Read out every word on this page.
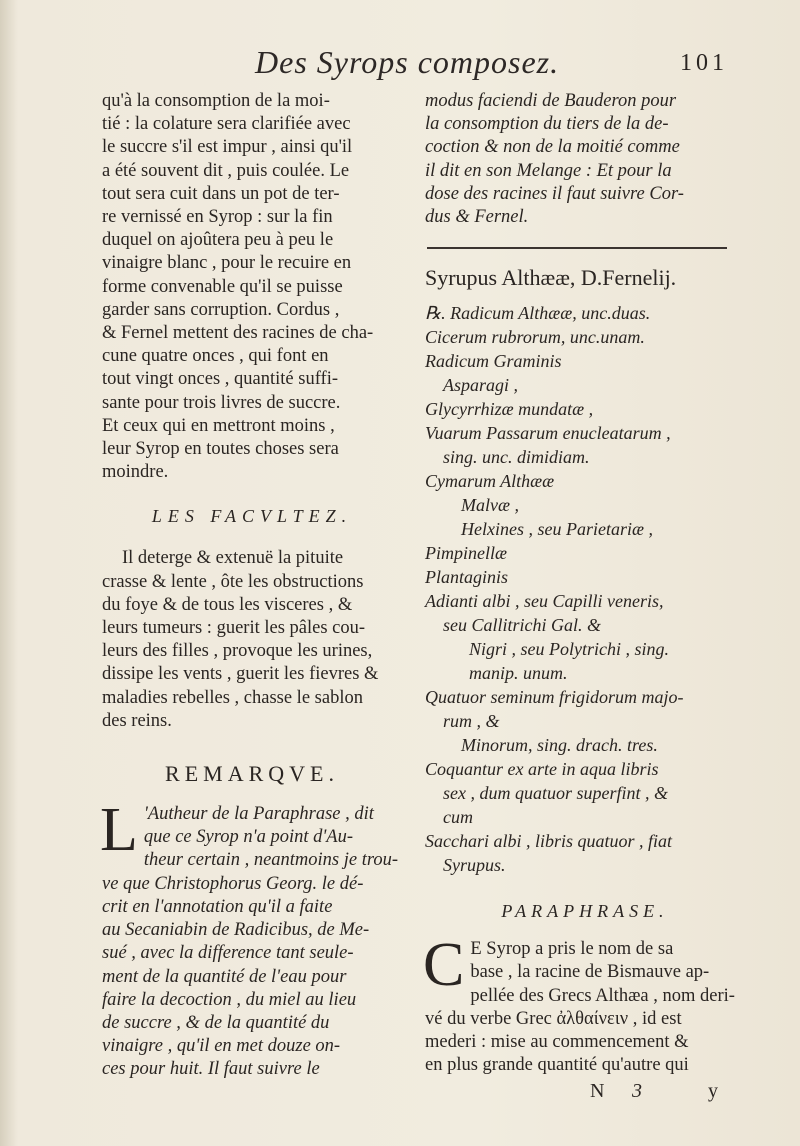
Des Syrops composez.	101

qu'à la consomption de la moi-
tié : la colature sera clarifiée avec
le succre s'il est impur , ainsi qu'il
a été souvent dit , puis coulée. Le
tout sera cuit dans un pot de ter-
re vernissé en Syrop : sur la fin
duquel on ajoûtera peu à peu le
vinaigre blanc , pour le recuire en
forme convenable qu'il se puisse
garder sans corruption. Cordus ,
& Fernel mettent des racines de cha-
cune quatre onces , qui font en
tout vingt onces , quantité suffi-
sante pour trois livres de succre.
Et ceux qui en mettront moins ,
leur Syrop en toutes choses sera
moindre.

LES FACVLTEZ.

Il deterge & extenuë la pituite
crasse & lente , ôte les obstructions
du foye & de tous les visceres , &
leurs tumeurs : guerit les pâles cou-
leurs des filles , provoque les urines,
dissipe les vents , guerit les fievres &
maladies rebelles , chasse le sablon
des reins.

REMARQVE.
L 'Autheur de la Paraphrase , dit
que ce Syrop n'a point d'Au-
theur certain , neantmoins je trou-
ve que Christophorus Georg. le dé-
crit en l'annotation qu'il a faite
au Secaniabin de Radicibus, de Me-
sué , avec la difference tant seule-
ment de la quantité de l'eau pour
faire la decoction , du miel au lieu
de succre , & de la quantité du
vinaigre , qu'il en met douze on-
ces pour huit. Il faut suivre le
modus faciendi de Bauderon pour
la consomption du tiers de la de-
coction & non de la moitié comme
il dit en son Melange : Et pour la
dose des racines il faut suivre Cor-
dus & Fernel.
Syrupus Althææ, D.Fernelij.
℞. Radicum Althææ, unc.duas.
Cicerum rubrorum, unc.unam.
Radicum Graminis
Asparagi ,
Glycyrrhizæ mundatæ ,
Vuarum Passarum enucleatarum ,
sing. unc. dimidiam.
Cymarum Althææ
Malvæ ,
Helxines , seu Parietariæ ,
Pimpinellæ
Plantaginis
Adianti albi , seu Capilli veneris,
seu Callitrichi Gal. &
Nigri , seu Polytrichi , sing.
manip. unum.
Quatuor seminum frigidorum majo-
rum , &
Minorum, sing. drach. tres.
Coquantur ex arte in aqua libris
sex , dum quatuor superfint , &
cum
Sacchari albi , libris quatuor , fiat
Syrupus.
PARAPHRASE.
C E Syrop a pris le nom de sa
base , la racine de Bismauve ap-
pellée des Grecs Althæa , nom deri-
vé du verbe Grec ἀλθαίνειν , id est
mederi : mise au commencement &
en plus grande quantité qu'autre qui
N 3	y
